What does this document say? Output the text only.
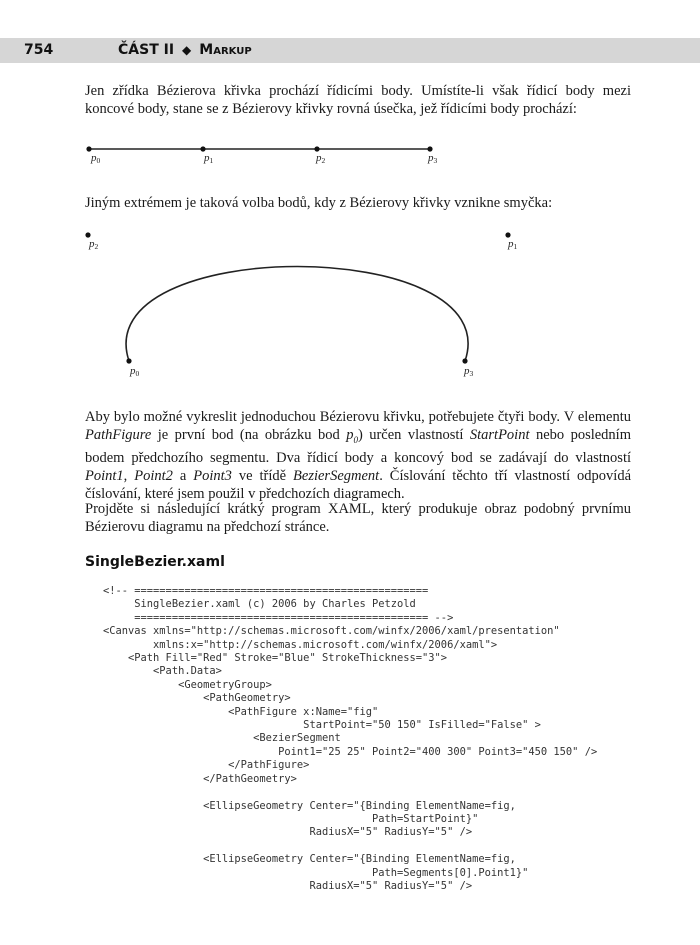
754	ČÁST II ◆ Markup

Jen zřídka Bézierova křivka prochází řídicími body. Umístíte-li však řídicí body mezi koncové body, stane se z Bézierovy křivky rovná úsečka, jež řídicími body prochází:

p0	p1	p2	p3

Jiným extrémem je taková volba bodů, kdy z Bézierovy křivky vznikne smyčka:

p2	p1
p0	p3

Aby bylo možné vykreslit jednoduchou Bézierovu křivku, potřebujete čtyři body. V elementu PathFigure je první bod (na obrázku bod $p_0$) určen vlastností StartPoint nebo posledním bodem předchozího segmentu. Dva řídicí body a koncový bod se zadávají do vlastností Point1, Point2 a Point3 ve třídě BezierSegment. Číslování těchto tří vlastností odpovídá číslování, které jsem použil v předchozích diagramech.

Projděte si následující krátký program XAML, který produkuje obraz podobný prvnímu Bézierovu diagramu na předchozí stránce.

SingleBezier.xaml
<!-- ===============================================
SingleBezier.xaml (c) 2006 by Charles Petzold
=============================================== -->
<Canvas xmlns="http://schemas.microsoft.com/winfx/2006/xaml/presentation"
xmlns:x="http://schemas.microsoft.com/winfx/2006/xaml">
<Path Fill="Red" Stroke="Blue" StrokeThickness="3">
<Path.Data>
<GeometryGroup>
<PathGeometry>
<PathFigure x:Name="fig"
StartPoint="50 150" IsFilled="False" >
<BezierSegment
Point1="25 25" Point2="400 300" Point3="450 150" />
</PathFigure>
</PathGeometry>

<EllipseGeometry Center="{Binding ElementName=fig,
Path=StartPoint}"
RadiusX="5" RadiusY="5" />

<EllipseGeometry Center="{Binding ElementName=fig,
Path=Segments[0].Point1}"
RadiusX="5" RadiusY="5" />
